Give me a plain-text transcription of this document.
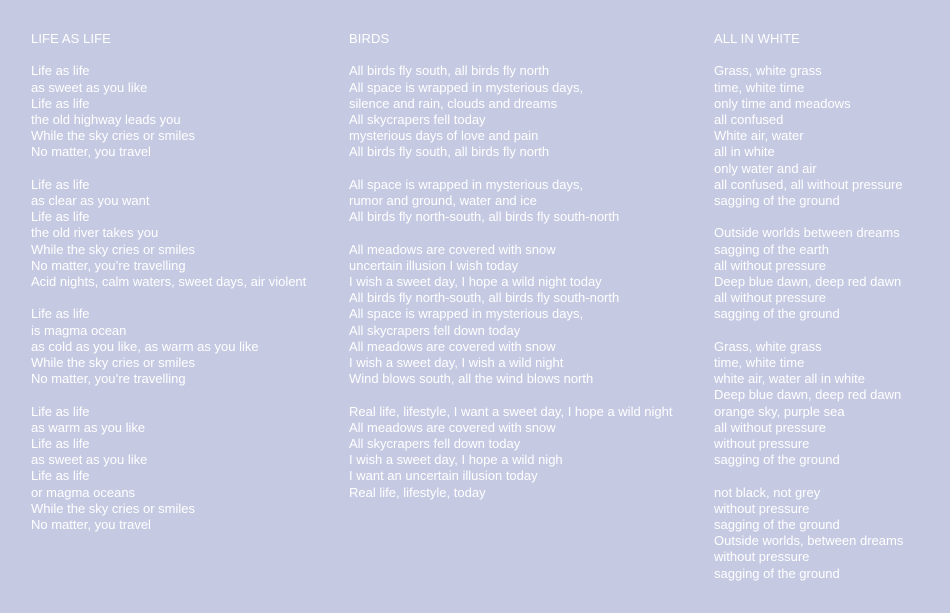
LIFE AS LIFE
Life as life
as sweet as you like
Life as life
the old highway leads you
While the sky cries or smiles
No matter, you travel
Life as life
as clear as you want
Life as life
the old river takes you
While the sky cries or smiles
No matter, you’re travelling
Acid nights, calm waters, sweet days, air violent
Life as life
is magma ocean
as cold as you like, as warm as you like
While the sky cries or smiles
No matter, you’re travelling
Life as life
as warm as you like
Life as life
as sweet as you like
Life as life
or magma oceans
While the sky cries or smiles
No matter, you travel
BIRDS
All birds fly south, all birds fly north
All space is wrapped in mysterious days,
silence and rain, clouds and dreams
All skycrapers fell today
mysterious days of love and pain
All birds fly south, all birds fly north
All space is wrapped in mysterious days,
rumor and ground, water and ice
All birds fly north-south, all birds fly south-north
All meadows are covered with snow
uncertain illusion I wish today
I wish a sweet day, I hope a wild night today
All birds fly north-south, all birds fly south-north
All space is wrapped in mysterious days,
All skycrapers fell down today
All meadows are covered with snow
I wish a sweet day, I wish a wild night
Wind blows south, all the wind blows north
Real life, lifestyle, I want a sweet day, I hope a wild night
All meadows are covered with snow
All skycrapers fell down today
I wish a sweet day, I hope a wild nigh
I want an uncertain illusion today
Real life, lifestyle, today
ALL IN WHITE
Grass, white grass
time, white time
only time and meadows
all confused
White air, water
all in white
only water and air
all confused, all without pressure
sagging of the ground
Outside worlds between dreams
sagging of the earth
all without pressure
Deep blue dawn, deep red dawn
all without pressure
sagging of the ground
Grass, white grass
time, white time
white air, water all in white
Deep blue dawn, deep red dawn
orange sky, purple sea
all without pressure
without pressure
sagging of the ground
not black, not grey
without pressure
sagging of the ground
Outside worlds, between dreams
without pressure
sagging of the ground
